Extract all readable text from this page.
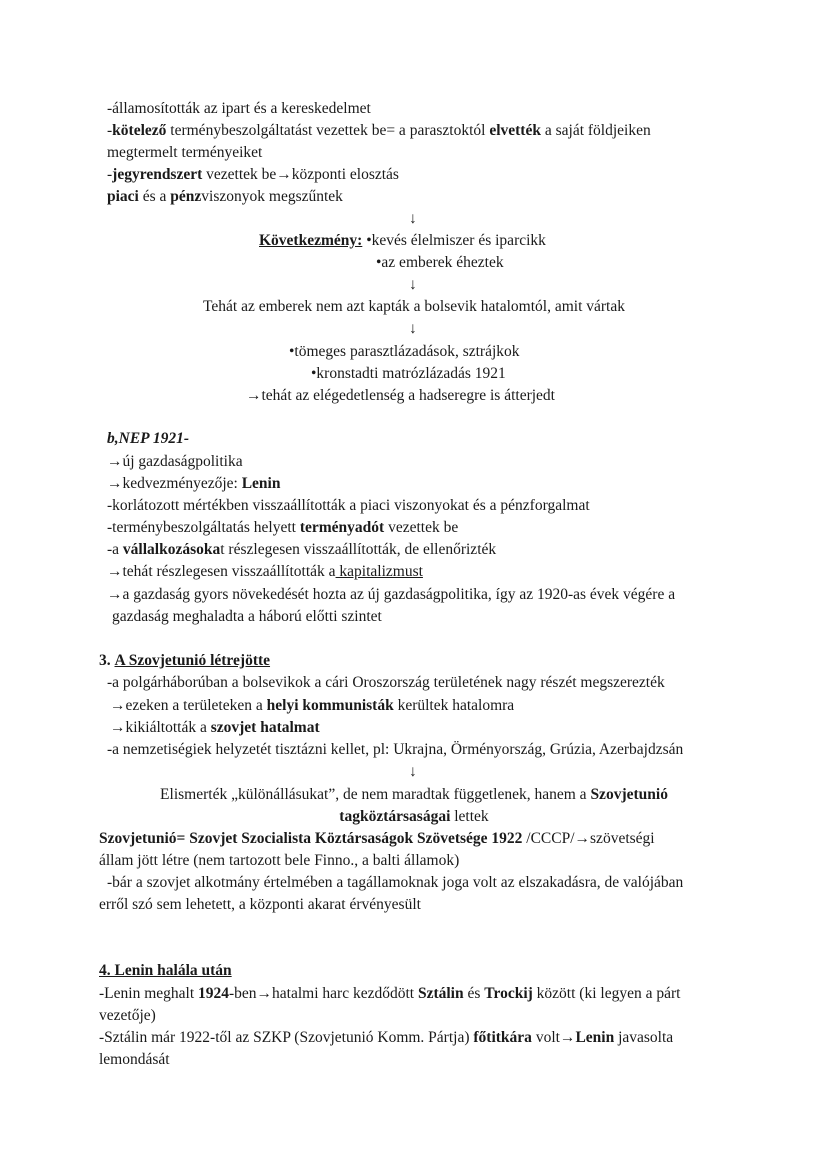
-államosították az ipart és a kereskedelmet
-kötelező terménybeszolgáltatást vezettek be= a parasztoktól elvették a saját földjeiken
megtermelt terményeiket
-jegyrendszert vezettek be→központi elosztás
piaci és a pénzviszonyok megszűntek
↓
Következmény: •kevés élelmiszer és iparcikk
•az emberek éheztek
↓
Tehát az emberek nem azt kapták a bolsevik hatalomtól, amit vártak
↓
•tömeges parasztlázadások, sztrájkok
•kronstadti matrózlázadás 1921
→tehát az elégedetlenség a hadseregre is átterjedt
b,NEP 1921-
→új gazdaságpolitika
→kedvezményezője: Lenin
-korlátozott mértékben visszaállították a piaci viszonyokat és a pénzforgalmat
-terménybeszolgáltatás helyett terményadót vezettek be
-a vállalkozásokat részlegesen visszaállították, de ellenőrizték
→tehát részlegesen visszaállították a kapitalizmust
→a gazdaság gyors növekedését hozta az új gazdaságpolitika, így az 1920-as évek végére a
gazdaság meghaladta a háború előtti szintet
3. A Szovjetunió létrejötte
-a polgárháborúban a bolsevikok a cári Oroszország területének nagy részét megszerezték
→ezeken a területeken a helyi kommunisták kerültek hatalomra
→kikiáltották a szovjet hatalmat
-a nemzetiségiek helyzetét tisztázni kellet, pl: Ukrajna, Örményország, Grúzia, Azerbajdzsán
↓
Elismerték „különállásukat”, de nem maradtak függetlenek, hanem a Szovjetunió
tagköztársaságai lettek
Szovjetunió= Szovjet Szocialista Köztársaságok Szövetsége 1922 /CCCP/→szövetségi
állam jött létre (nem tartozott bele Finno., a balti államok)
-bár a szovjet alkotmány értelmében a tagállamoknak joga volt az elszakadásra, de valójában
erről szó sem lehetett, a központi akarat érvényesült
4. Lenin halála után
-Lenin meghalt 1924-ben→hatalmi harc kezdődött Sztálin és Trockij között (ki legyen a párt
vezetője)
-Sztálin már 1922-től az SZKP (Szovjetunió Komm. Pártja) főtitkára volt→Lenin javasolta
lemondását
